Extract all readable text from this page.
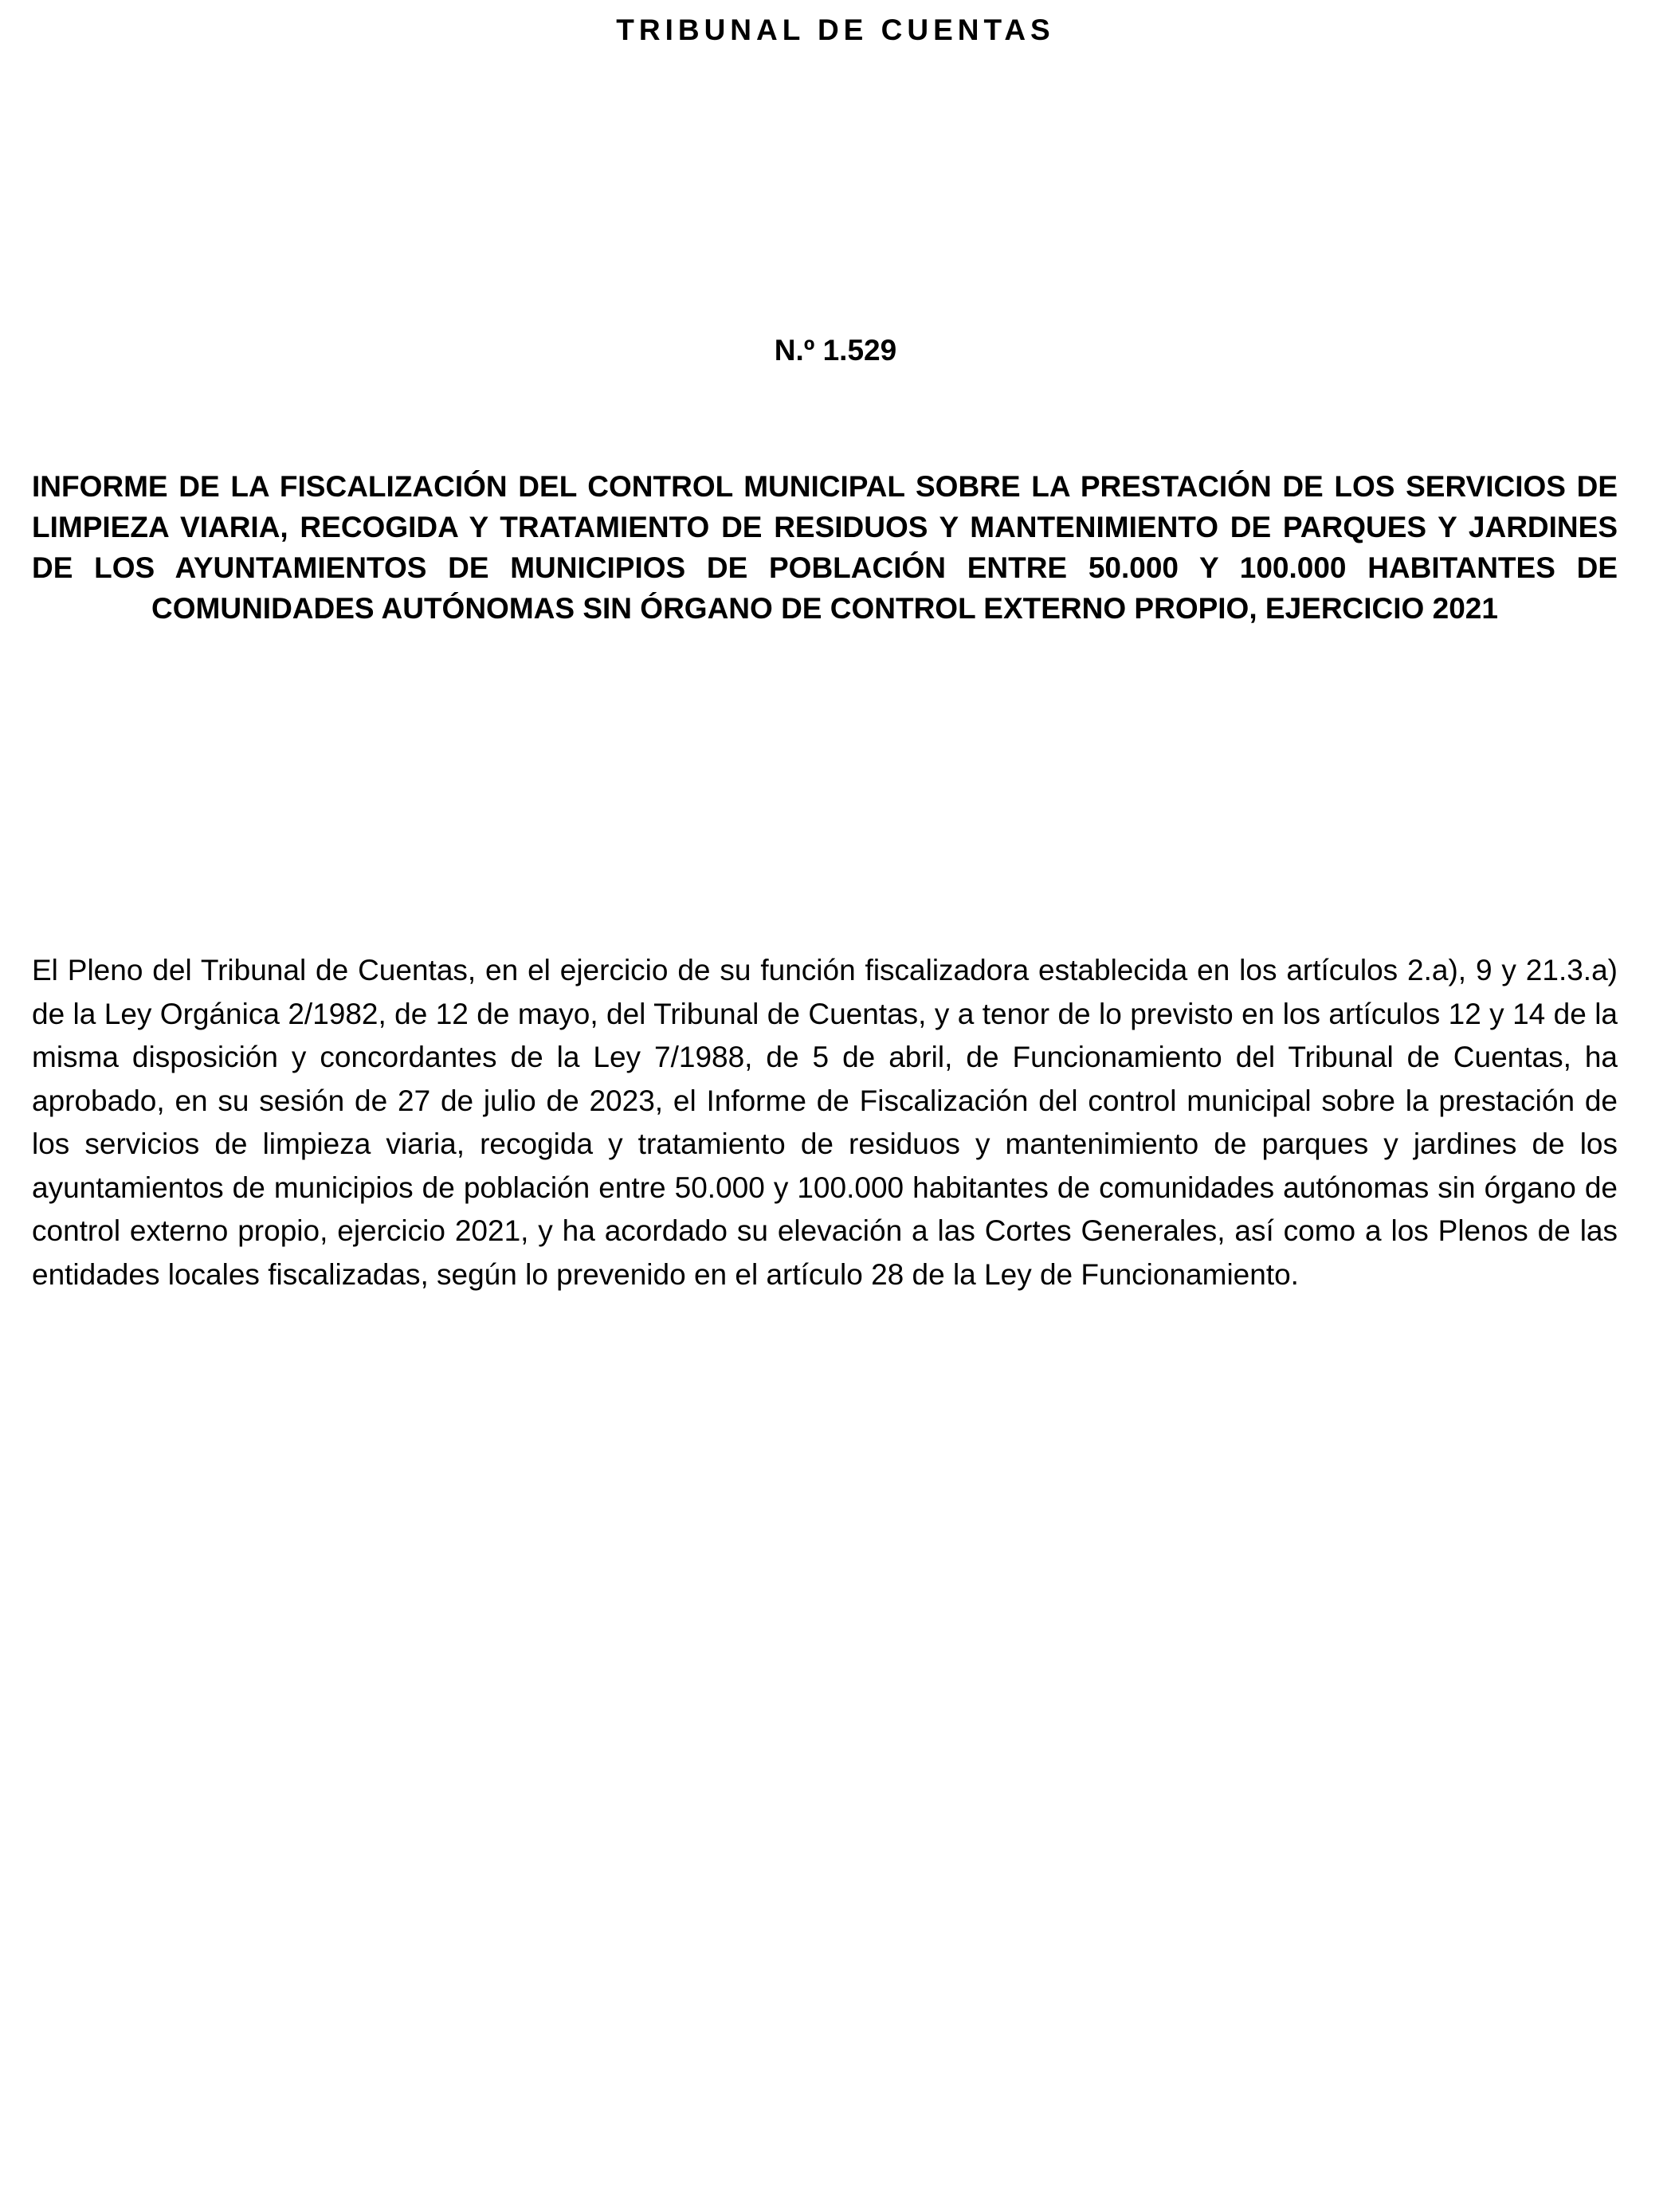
TRIBUNAL DE CUENTAS
N.º 1.529
INFORME DE LA FISCALIZACIÓN DEL CONTROL MUNICIPAL SOBRE LA PRESTACIÓN DE LOS SERVICIOS DE LIMPIEZA VIARIA, RECOGIDA Y TRATAMIENTO DE RESIDUOS Y MANTENIMIENTO DE PARQUES Y JARDINES DE LOS AYUNTAMIENTOS DE MUNICIPIOS DE POBLACIÓN ENTRE 50.000 Y 100.000 HABITANTES DE COMUNIDADES AUTÓNOMAS SIN ÓRGANO DE CONTROL EXTERNO PROPIO, EJERCICIO 2021
El Pleno del Tribunal de Cuentas, en el ejercicio de su función fiscalizadora establecida en los artículos 2.a), 9 y 21.3.a) de la Ley Orgánica 2/1982, de 12 de mayo, del Tribunal de Cuentas, y a tenor de lo previsto en los artículos 12 y 14 de la misma disposición y concordantes de la Ley 7/1988, de 5 de abril, de Funcionamiento del Tribunal de Cuentas, ha aprobado, en su sesión de 27 de julio de 2023, el Informe de Fiscalización del control municipal sobre la prestación de los servicios de limpieza viaria, recogida y tratamiento de residuos y mantenimiento de parques y jardines de los ayuntamientos de municipios de población entre 50.000 y 100.000 habitantes de comunidades autónomas sin órgano de control externo propio, ejercicio 2021, y ha acordado su elevación a las Cortes Generales, así como a los Plenos de las entidades locales fiscalizadas, según lo prevenido en el artículo 28 de la Ley de Funcionamiento.
